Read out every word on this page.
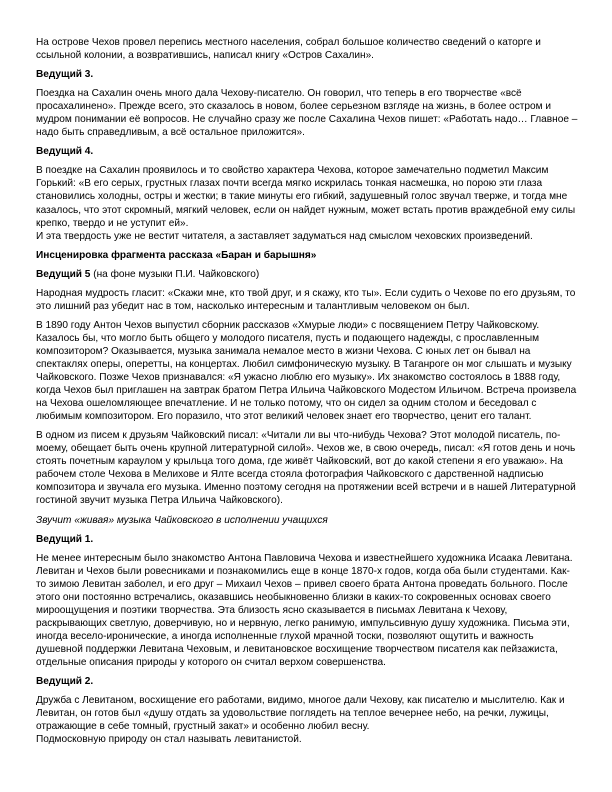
На острове Чехов провел перепись местного населения, собрал большое количество сведений о каторге и ссыльной колонии, а возвратившись, написал книгу «Остров Сахалин».

Ведущий 3.

Поездка на Сахалин очень много дала Чехову-писателю. Он говорил, что теперь в его творчестве «всё просахалинено». Прежде всего, это сказалось в новом, более серьезном взгляде на жизнь, в более остром и мудром понимании её вопросов. Не случайно сразу же после Сахалина Чехов пишет: «Работать надо… Главное – надо быть справедливым, а всё остальное приложится».

Ведущий 4.

В поездке на Сахалин проявилось и то свойство характера Чехова, которое замечательно подметил Максим Горький: «В его серых, грустных глазах почти всегда мягко искрилась тонкая насмешка, но порою эти глаза становились холодны, остры и жестки; в такие минуты его гибкий, задушевный голос звучал тверже, и тогда мне казалось, что этот скромный, мягкий человек, если он найдет нужным, может встать против враждебной ему силы крепко, твердо и не уступит ей».

И эта твердость уже не вестит читателя, а заставляет задуматься над смыслом чеховских произведений.

Инсценировка фрагмента рассказа «Баран и барышня»

Ведущий 5 (на фоне музыки П.И. Чайковского)

Народная мудрость гласит: «Скажи мне, кто твой друг, и я скажу, кто ты». Если судить о Чехове по его друзьям, то это лишний раз убедит нас в том, насколько интересным и талантливым человеком он был.

В 1890 году Антон Чехов выпустил сборник рассказов «Хмурые люди» с посвящением Петру Чайковскому. Казалось бы, что могло быть общего у молодого писателя, пусть и подающего надежды, с прославленным композитором? Оказывается, музыка занимала немалое место в жизни Чехова. С юных лет он бывал на спектаклях оперы, оперетты, на концертах. Любил симфоническую музыку. В Таганроге он мог слышать и музыку Чайковского. Позже Чехов признавался: «Я ужасно люблю его музыку». Их знакомство состоялось в 1888 году, когда Чехов был приглашен на завтрак братом Петра Ильича Чайковского Модестом Ильичом. Встреча произвела на Чехова ошеломляющее впечатление. И не только потому, что он сидел за одним столом и беседовал с любимым композитором. Его поразило, что этот великий человек знает его творчество, ценит его талант.

В одном из писем к друзьям Чайковский писал: «Читали ли вы что-нибудь Чехова? Этот молодой писатель, по-моему, обещает быть очень крупной литературной силой». Чехов же, в свою очередь, писал: «Я готов день и ночь стоять почетным караулом у крыльца того дома, где живёт Чайковский, вот до какой степени я его уважаю». На рабочем столе Чехова в Мелихове и Ялте всегда стояла фотография Чайковского с дарственной надписью композитора и звучала его музыка. Именно поэтому сегодня на протяжении всей встречи и в нашей Литературной гостиной звучит музыка Петра Ильича Чайковского).

Звучит «живая» музыка Чайковского в исполнении учащихся

Ведущий 1.

Не менее интересным было знакомство Антона Павловича Чехова и известнейшего художника Исаака Левитана. Левитан и Чехов были ровесниками и познакомились еще в конце 1870-х годов, когда оба были студентами. Как-то зимою Левитан заболел, и его друг – Михаил Чехов – привел своего брата Антона проведать больного. После этого они постоянно встречались, оказавшись необыкновенно близки в каких-то сокровенных основах своего мироощущения и поэтики творчества. Эта близость ясно сказывается в письмах Левитана к Чехову, раскрывающих светлую, доверчивую, но и нервную, легко ранимую, импульсивную душу художника. Письма эти, иногда весело-иронические, а иногда исполненные глухой мрачной тоски, позволяют ощутить и важность душевной поддержки Левитана Чеховым, и левитановское восхищение творчеством писателя как пейзажиста, отдельные описания природы у которого он считал верхом совершенства.

Ведущий 2.

Дружба с Левитаном, восхищение его работами, видимо, многое дали Чехову, как писателю и мыслителю. Как и Левитан, он готов был «душу отдать за удовольствие поглядеть на теплое вечернее небо, на речки, лужицы, отражающие в себе томный, грустный закат» и особенно любил весну.

Подмосковную природу он стал называть левитанистой.
